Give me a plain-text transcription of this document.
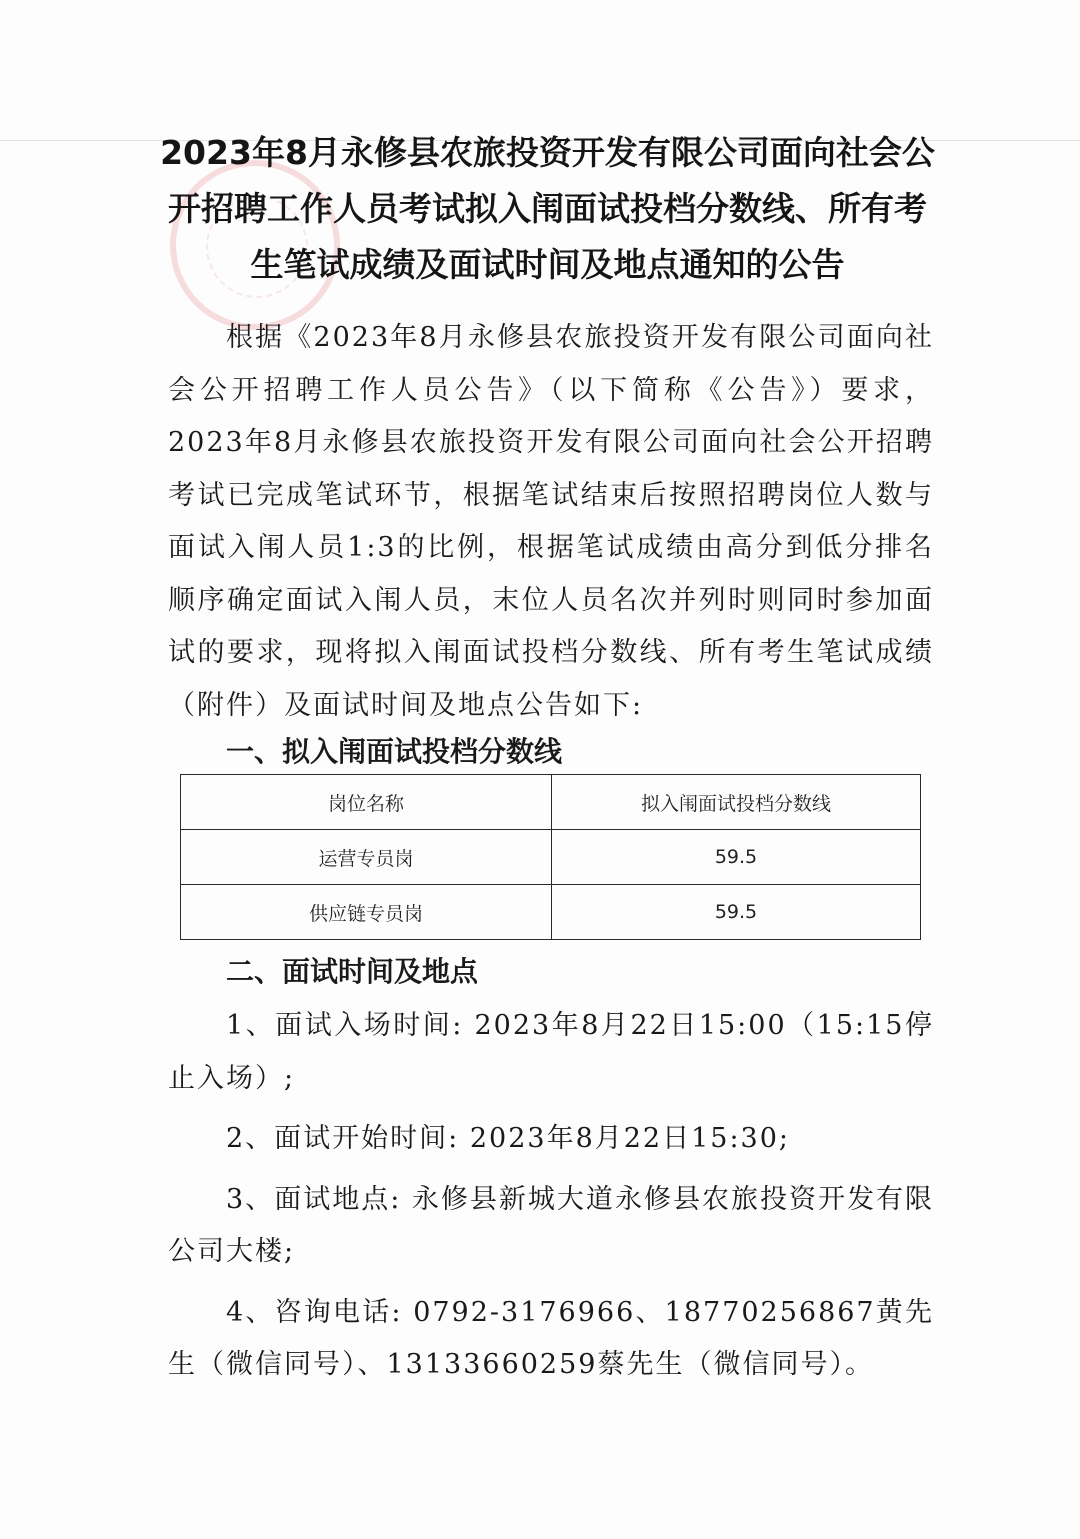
2023年8月永修县农旅投资开发有限公司面向社会公开招聘工作人员考试拟入闱面试投档分数线、所有考生笔试成绩及面试时间及地点通知的公告

根据《2023年8月永修县农旅投资开发有限公司面向社会公开招聘工作人员公告》（以下简称《公告》）要求，2023年8月永修县农旅投资开发有限公司面向社会公开招聘考试已完成笔试环节，根据笔试结束后按照招聘岗位人数与面试入闱人员1:3的比例，根据笔试成绩由高分到低分排名顺序确定面试入闱人员，末位人员名次并列时则同时参加面试的要求，现将拟入闱面试投档分数线、所有考生笔试成绩（附件）及面试时间及地点公告如下:

一、拟入闱面试投档分数线
岗位名称	拟入闱面试投档分数线
运营专员岗	59.5
供应链专员岗	59.5
二、面试时间及地点

1、面试入场时间: 2023年8月22日15:00（15:15停止入场）;

2、面试开始时间: 2023年8月22日15:30;

3、面试地点: 永修县新城大道永修县农旅投资开发有限公司大楼;

4、咨询电话: 0792-3176966、18770256867黄先生（微信同号）、13133660259蔡先生（微信同号）。
